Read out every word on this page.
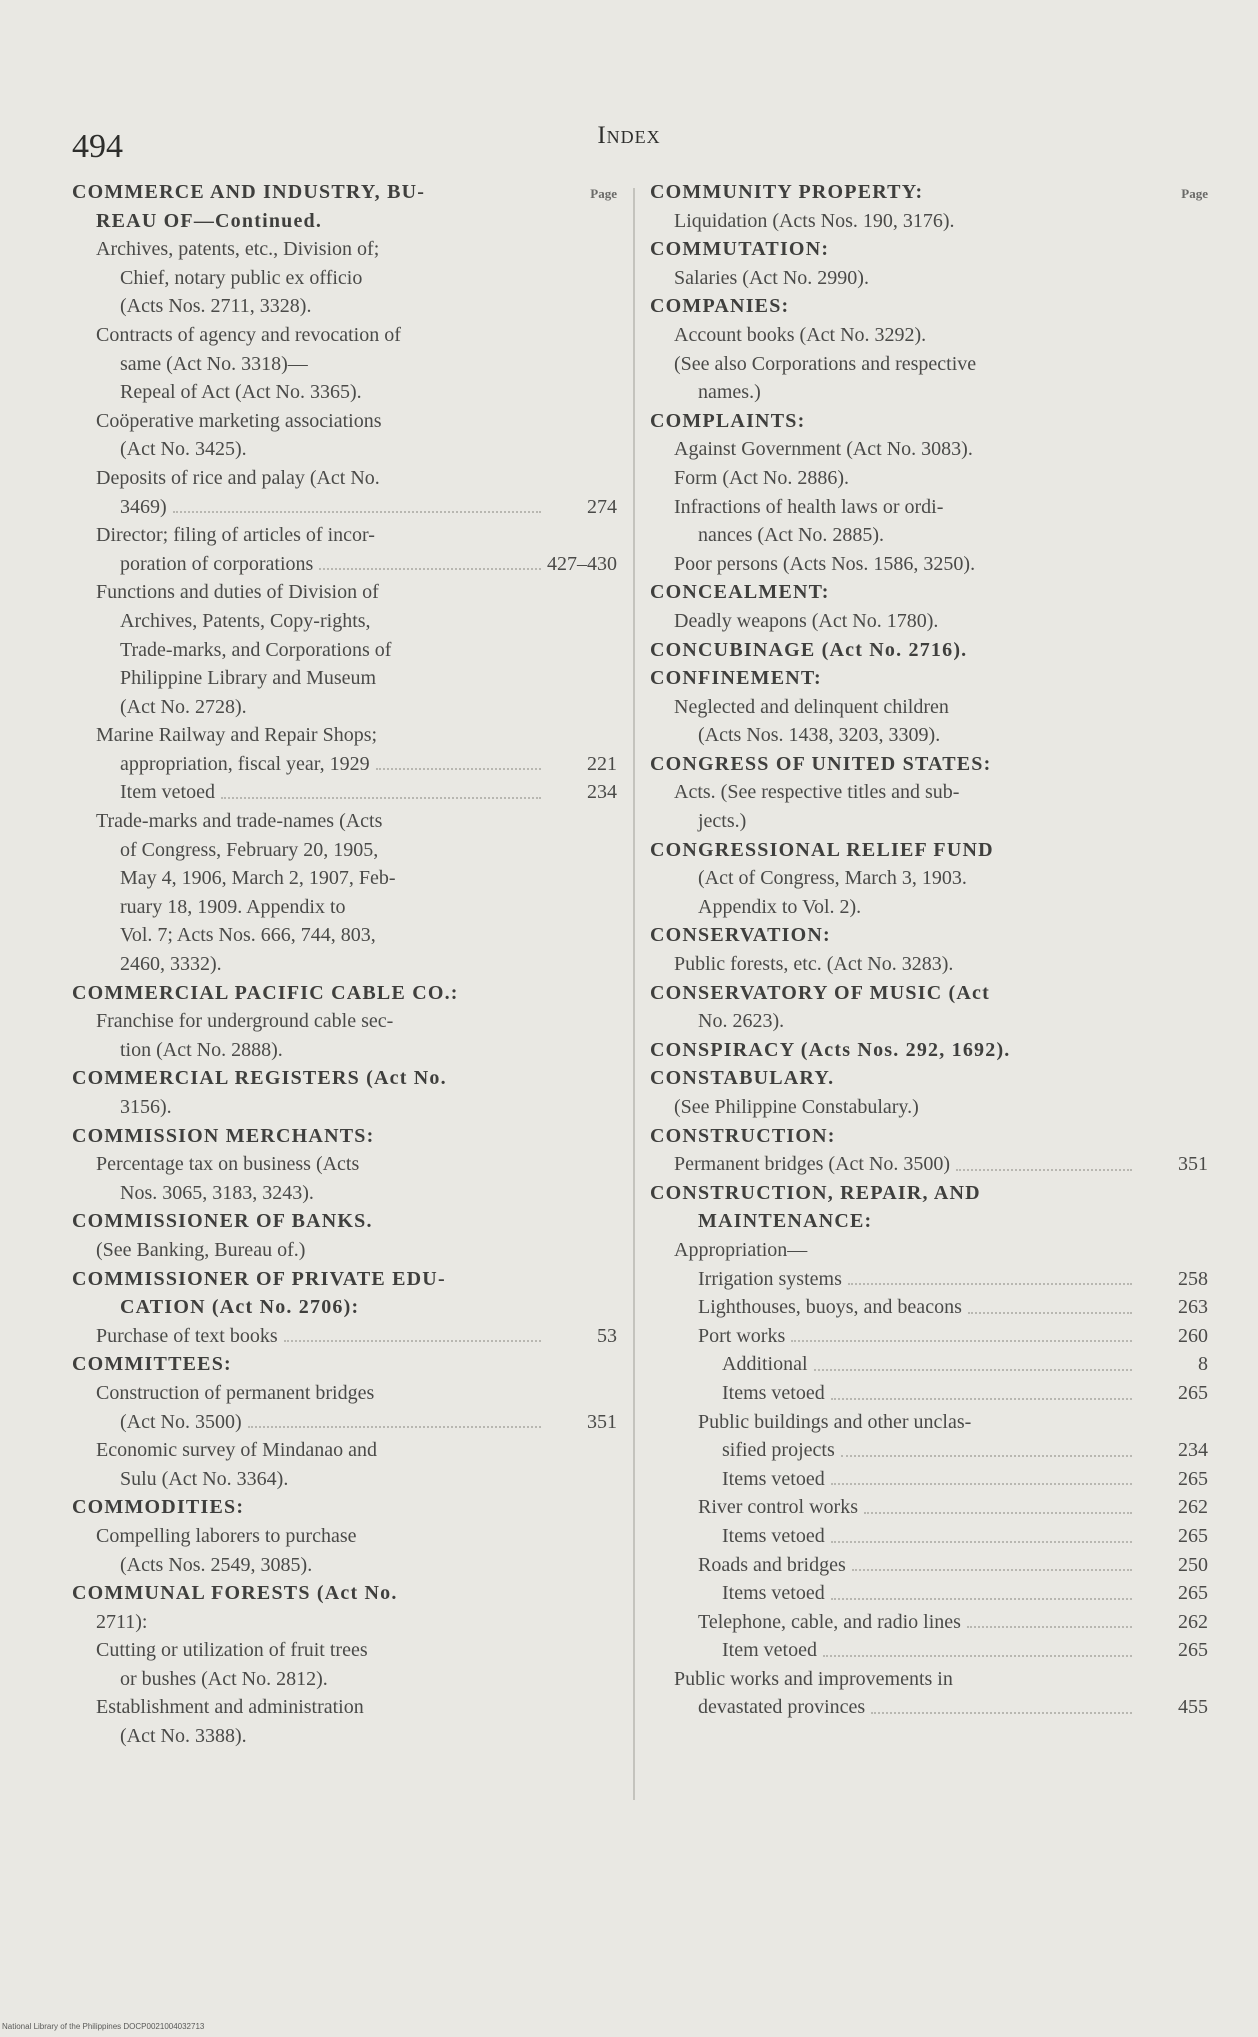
494	Index
Page
COMMERCE AND INDUSTRY, BU-
REAU OF—Continued.
Archives, patents, etc., Division of;
Chief, notary public ex officio
(Acts Nos. 2711, 3328).
Contracts of agency and revocation of
same (Act No. 3318)—
Repeal of Act (Act No. 3365).
Coöperative marketing associations
(Act No. 3425).
Deposits of rice and palay (Act No.
3469)	274
Director; filing of articles of incor-
poration of corporations	427–430
Functions and duties of Division of
Archives, Patents, Copy-rights,
Trade-marks, and Corporations of
Philippine Library and Museum
(Act No. 2728).
Marine Railway and Repair Shops;
appropriation, fiscal year, 1929	221
Item vetoed	234
Trade-marks and trade-names (Acts
of Congress, February 20, 1905,
May 4, 1906, March 2, 1907, Feb-
ruary 18, 1909. Appendix to
Vol. 7; Acts Nos. 666, 744, 803,
2460, 3332).
COMMERCIAL PACIFIC CABLE CO.:
Franchise for underground cable sec-
tion (Act No. 2888).
COMMERCIAL REGISTERS (Act No.
3156).
COMMISSION MERCHANTS:
Percentage tax on business (Acts
Nos. 3065, 3183, 3243).
COMMISSIONER OF BANKS.
(See Banking, Bureau of.)
COMMISSIONER OF PRIVATE EDU-
CATION (Act No. 2706):
Purchase of text books	53
COMMITTEES:
Construction of permanent bridges
(Act No. 3500)	351
Economic survey of Mindanao and
Sulu (Act No. 3364).
COMMODITIES:
Compelling laborers to purchase
(Acts Nos. 2549, 3085).
COMMUNAL FORESTS (Act No.
2711):
Cutting or utilization of fruit trees
or bushes (Act No. 2812).
Establishment and administration
(Act No. 3388).
Page
COMMUNITY PROPERTY:
Liquidation (Acts Nos. 190, 3176).
COMMUTATION:
Salaries (Act No. 2990).
COMPANIES:
Account books (Act No. 3292).
(See also Corporations and respective
names.)
COMPLAINTS:
Against Government (Act No. 3083).
Form (Act No. 2886).
Infractions of health laws or ordi-
nances (Act No. 2885).
Poor persons (Acts Nos. 1586, 3250).
CONCEALMENT:
Deadly weapons (Act No. 1780).
CONCUBINAGE (Act No. 2716).
CONFINEMENT:
Neglected and delinquent children
(Acts Nos. 1438, 3203, 3309).
CONGRESS OF UNITED STATES:
Acts. (See respective titles and sub-
jects.)
CONGRESSIONAL RELIEF FUND
(Act of Congress, March 3, 1903.
Appendix to Vol. 2).
CONSERVATION:
Public forests, etc. (Act No. 3283).
CONSERVATORY OF MUSIC (Act
No. 2623).
CONSPIRACY (Acts Nos. 292, 1692).
CONSTABULARY.
(See Philippine Constabulary.)
CONSTRUCTION:
Permanent bridges (Act No. 3500)	351
CONSTRUCTION, REPAIR, AND
MAINTENANCE:
Appropriation—
Irrigation systems	258
Lighthouses, buoys, and beacons	263
Port works	260
Additional	8
Items vetoed	265
Public buildings and other unclas-
sified projects	234
Items vetoed	265
River control works	262
Items vetoed	265
Roads and bridges	250
Items vetoed	265
Telephone, cable, and radio lines	262
Item vetoed	265
Public works and improvements in
devastated provinces	455
National Library of the Philippines DOCP0021004032713
